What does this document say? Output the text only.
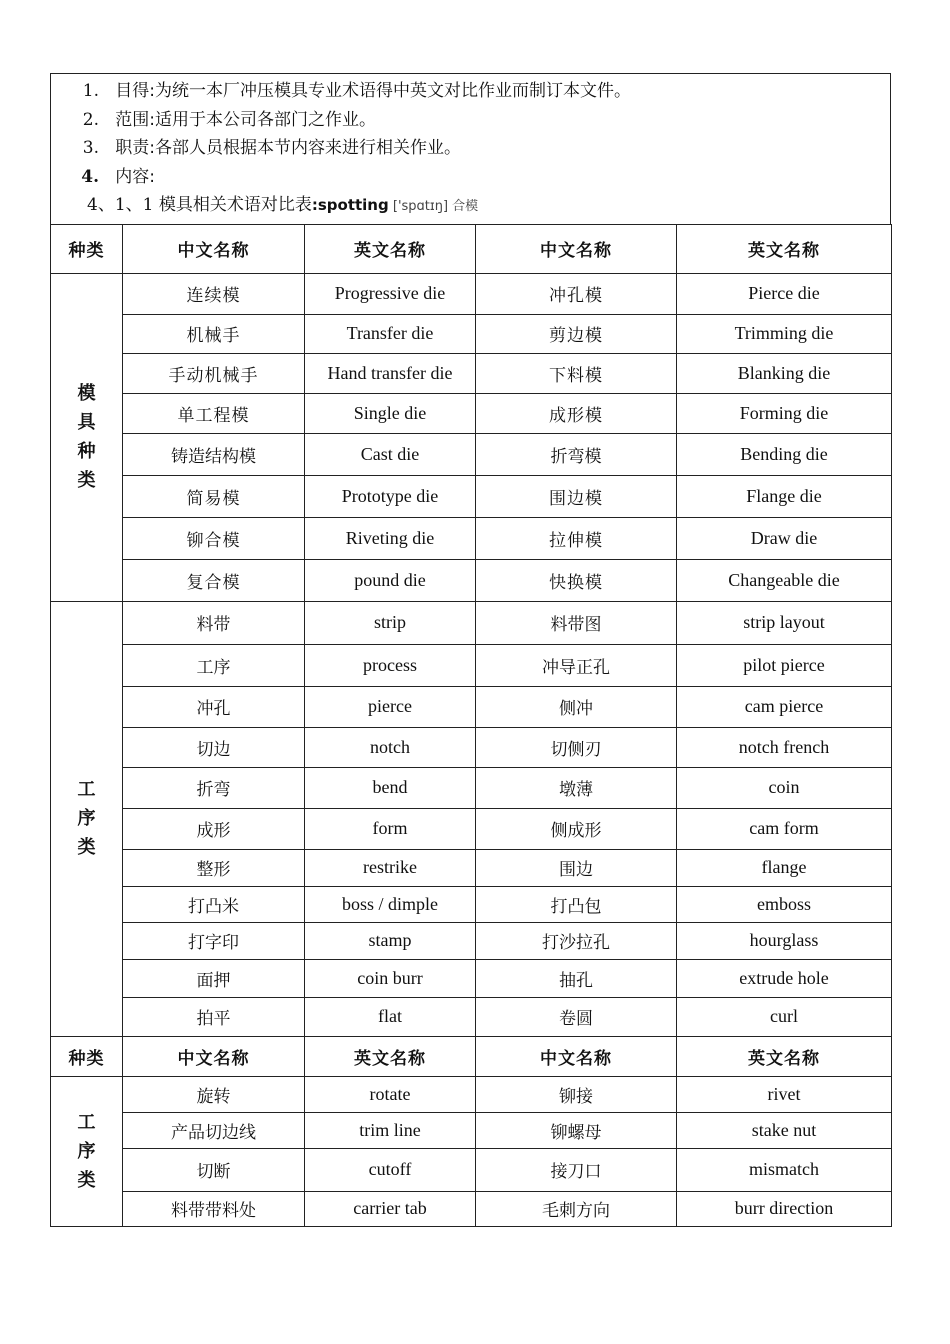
1. 目得:为统一本厂冲压模具专业术语得中英文对比作业而制订本文件。
2. 范围:适用于本公司各部门之作业。
3. 职责:各部人员根据本节内容来进行相关作业。
4. 内容:
4、1、1 模具相关术语对比表:spotting ['spɑtɪŋ] 合模
种类	中文名称	英文名称	中文名称	英文名称
模
具
种
类	连续模	Progressive die	冲孔模	Pierce die
	机械手	Transfer die	剪边模	Trimming die
	手动机械手	Hand transfer die	下料模	Blanking die
	单工程模	Single die	成形模	Forming die
	铸造结构模	Cast die	折弯模	Bending die
	简易模	Prototype die	围边模	Flange die
	铆合模	Riveting die	拉伸模	Draw die
	复合模	pound die	快换模	Changeable die
工
序
类	料带	strip	料带图	strip layout
	工序	process	冲导正孔	pilot pierce
	冲孔	pierce	侧冲	cam pierce
	切边	notch	切侧刃	notch french
	折弯	bend	墩薄	coin
	成形	form	侧成形	cam form
	整形	restrike	围边	flange
	打凸米	boss / dimple	打凸包	emboss
	打字印	stamp	打沙拉孔	hourglass
	面押	coin burr	抽孔	extrude hole
	拍平	flat	卷圆	curl
种类	中文名称	英文名称	中文名称	英文名称
工
序
类	旋转	rotate	铆接	rivet
	产品切边线	trim line	铆螺母	stake nut
	切断	cutoff	接刀口	mismatch
	料带带料处	carrier tab	毛刺方向	burr direction
